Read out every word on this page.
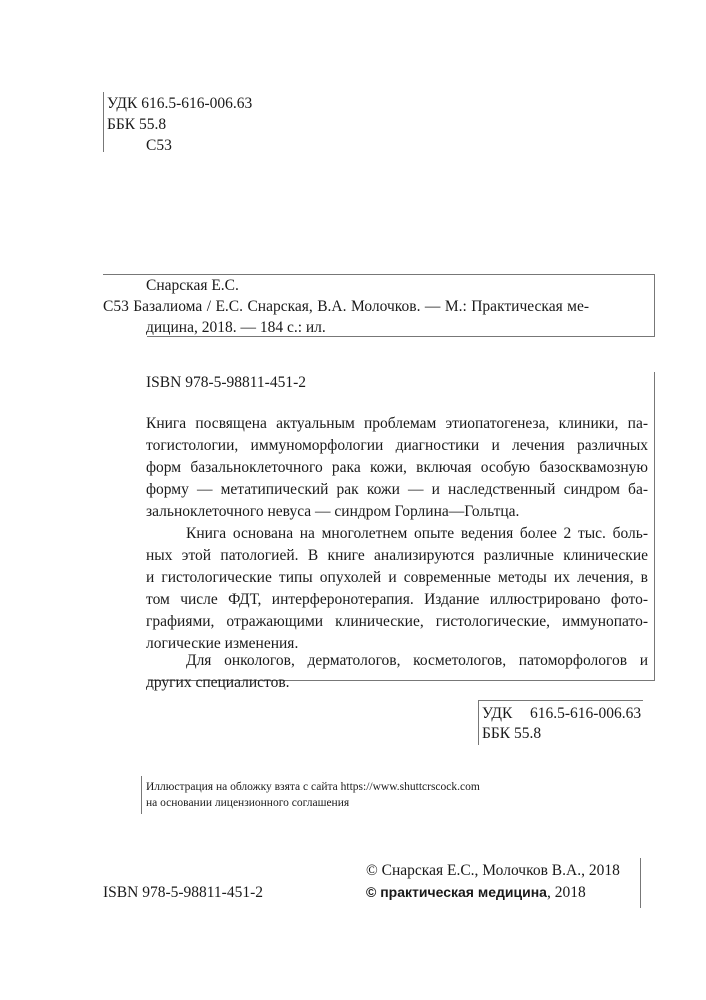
УДК 616.5-616-006.63
ББК 55.8
С53
Снарская Е.С.
С53 Базалиома / Е.С. Снарская, В.А. Молочков. — М.: Практическая ме-
дицина, 2018. — 184 с.: ил.
ISBN 978-5-98811-451-2
Книга посвящена актуальным проблемам этиопатогенеза, клиники, па-
тогистологии, иммуноморфологии диагностики и лечения различных
форм базальноклеточного рака кожи, включая особую базосквамозную
форму — метатипический рак кожи — и наследственный синдром ба-
зальноклеточного невуса — синдром Горлина—Гольтца.
Книга основана на многолетнем опыте ведения более 2 тыс. боль-
ных этой патологией. В книге анализируются различные клинические
и гистологические типы опухолей и современные методы их лечения, в
том числе ФДТ, интерферонотерапия. Издание иллюстрировано фото-
графиями, отражающими клинические, гистологические, иммунопато-
логические изменения.
Для онкологов, дерматологов, косметологов, патоморфологов и
других специалистов.
УДК 616.5-616-006.63
ББК 55.8
Иллюстрация на обложку взята с сайта https://www.shuttcrscock.com
на основании лицензионного соглашения
ISBN 978-5-98811-451-2
© Снарская Е.С., Молочков В.А., 2018
© практическая медицина, 2018
